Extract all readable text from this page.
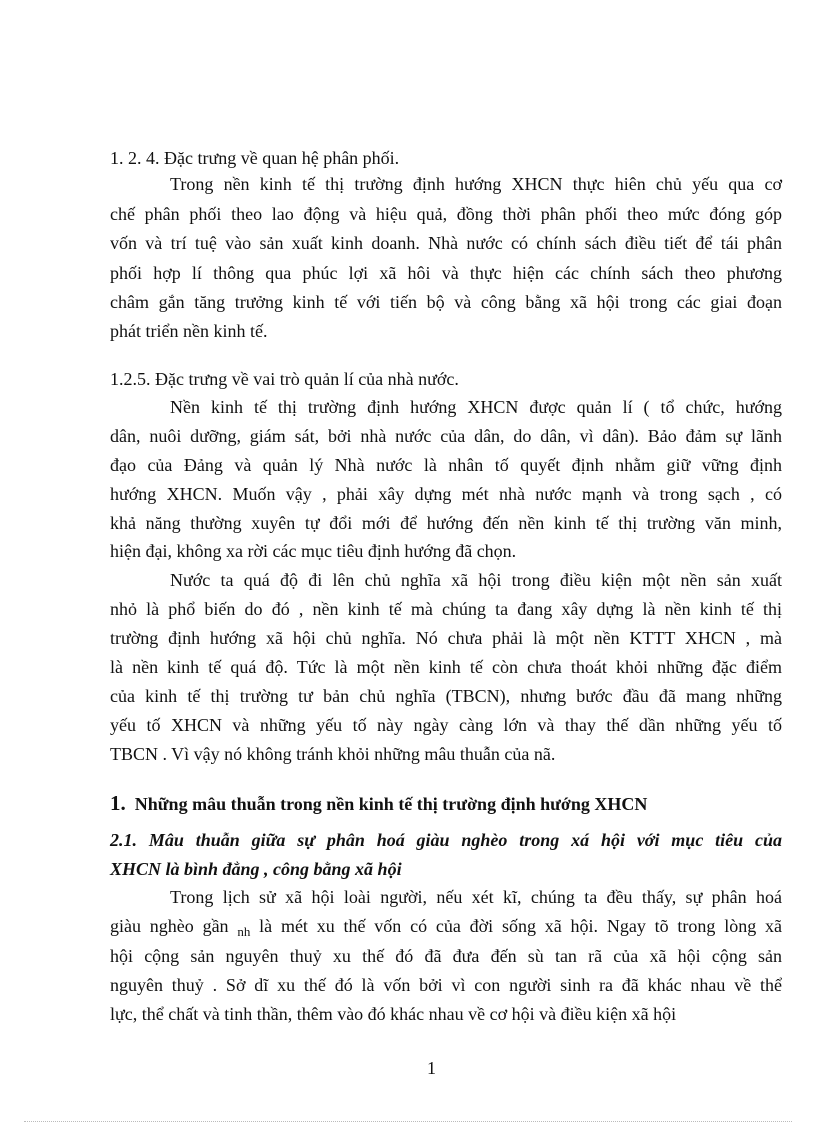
1. 2. 4. Đặc trưng về quan hệ phân phối.

Trong nền kinh tế thị trường định hướng XHCN thực hiên chủ yếu qua cơ

chế phân phối theo lao động và hiệu quả, đồng thời phân phối theo mức đóng góp

vốn và trí tuệ vào sản xuất kinh doanh. Nhà nước có chính sách điều tiết để tái phân

phối hợp lí thông qua phúc lợi xã hôi và thực hiện các chính sách theo phương

châm gắn tăng trưởng kinh tế với tiến bộ và công bằng xã hội trong các giai đoạn

phát triển nền kinh tế.

1.2.5. Đặc trưng về vai trò quản lí của nhà nước.

Nền kinh tế thị trường định hướng XHCN được quản lí ( tổ chức, hướng

dân, nuôi dưỡng, giám sát, bởi nhà nước của dân, do dân, vì dân). Bảo đảm sự lãnh

đạo của Đảng và quản lý Nhà nước là nhân tố quyết định nhằm giữ vững định

hướng XHCN. Muốn vậy , phải xây dựng mét nhà nước mạnh và trong sạch , có

khả năng thường xuyên tự đổi mới để hướng đến nền kinh tế thị trường văn minh,

hiện đại, không xa rời các mục tiêu định hướng đã chọn.

Nước ta quá độ đi lên chủ nghĩa xã hội trong điều kiện một nền sản xuất

nhỏ là phổ biến do đó , nền kinh tế mà chúng ta đang xây dựng là nền kinh tế thị

trường định hướng xã hội chủ nghĩa. Nó chưa phải là một nền KTTT XHCN , mà

là nền kinh tế quá độ. Tức là một nền kinh tế còn chưa thoát khỏi những đặc điểm

của kinh tế thị trường tư bản chủ nghĩa (TBCN), nhưng bước đầu đã mang những

yếu tố XHCN và những yếu tố này ngày càng lớn và thay thế dần những yếu tố

TBCN . Vì vậy nó không tránh khỏi những mâu thuẫn của nã.

1. Những mâu thuẫn trong nền kinh tế thị trường định hướng XHCN

2.1. Mâu thuẫn giữa sự phân hoá giàu nghèo trong xá hội với mục tiêu của

XHCN là bình đẳng , công bằng xã hội

Trong lịch sử xã hội loài người, nếu xét kĩ, chúng ta đều thấy, sự phân hoá

giàu nghèo gần $_{nh}$ là mét xu thế vốn có của đời sống xã hội. Ngay tõ trong lòng xã

hội cộng sản nguyên thuỷ xu thế đó đã đưa đến sù tan rã của xã hội cộng sản

nguyên thuỷ . Sở dĩ xu thế đó là vốn bởi vì con người sinh ra đã khác nhau về thể

lực, thể chất và tinh thần, thêm vào đó khác nhau về cơ hội và điều kiện xã hội

1
